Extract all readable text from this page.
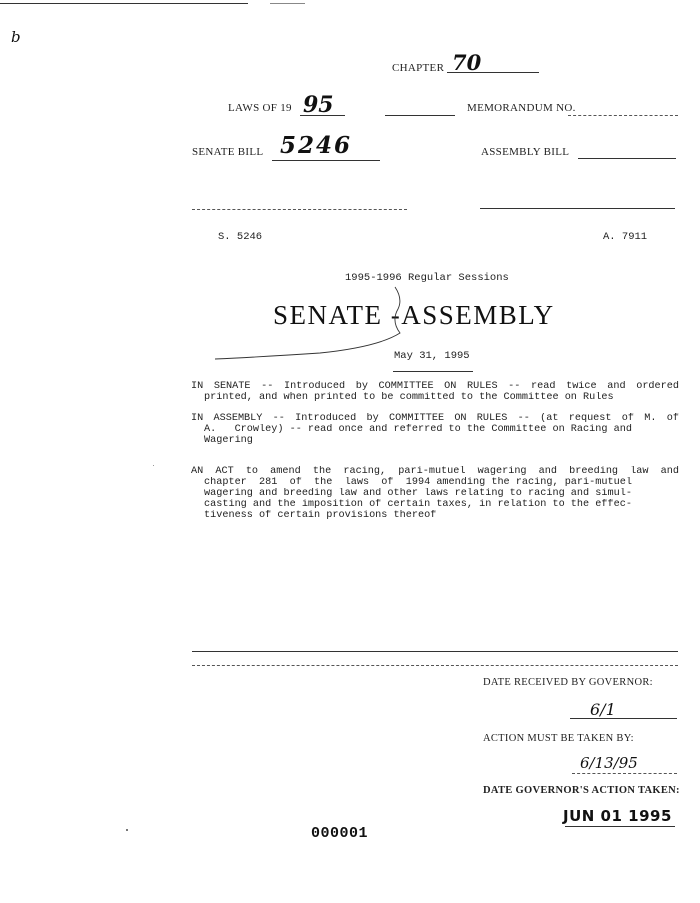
b
CHAPTER 70
LAWS OF 19 95	MEMORANDUM NO.
SENATE BILL 5246	ASSEMBLY BILL
S. 5246	A. 7911
1995-1996 Regular Sessions
SENATE -ASSEMBLY
May 31, 1995
IN SENATE -- Introduced by COMMITTEE ON RULES -- read twice and ordered
printed, and when printed to be committed to the Committee on Rules
IN ASSEMBLY -- Introduced by COMMITTEE ON RULES -- (at request of M. of
A.   Crowley) -- read once and referred to the Committee on Racing and
Wagering
AN ACT to amend the racing, pari-mutuel wagering and breeding law and
chapter  281  of  the  laws  of  1994 amending the racing, pari-mutuel
wagering and breeding law and other laws relating to racing and simul-
casting and the imposition of certain taxes, in relation to the effec-
tiveness of certain provisions thereof
DATE RECEIVED BY GOVERNOR:
6/1
ACTION MUST BE TAKEN BY:
6/13/95
DATE GOVERNOR'S ACTION TAKEN:
JUN 01 1995
000001
